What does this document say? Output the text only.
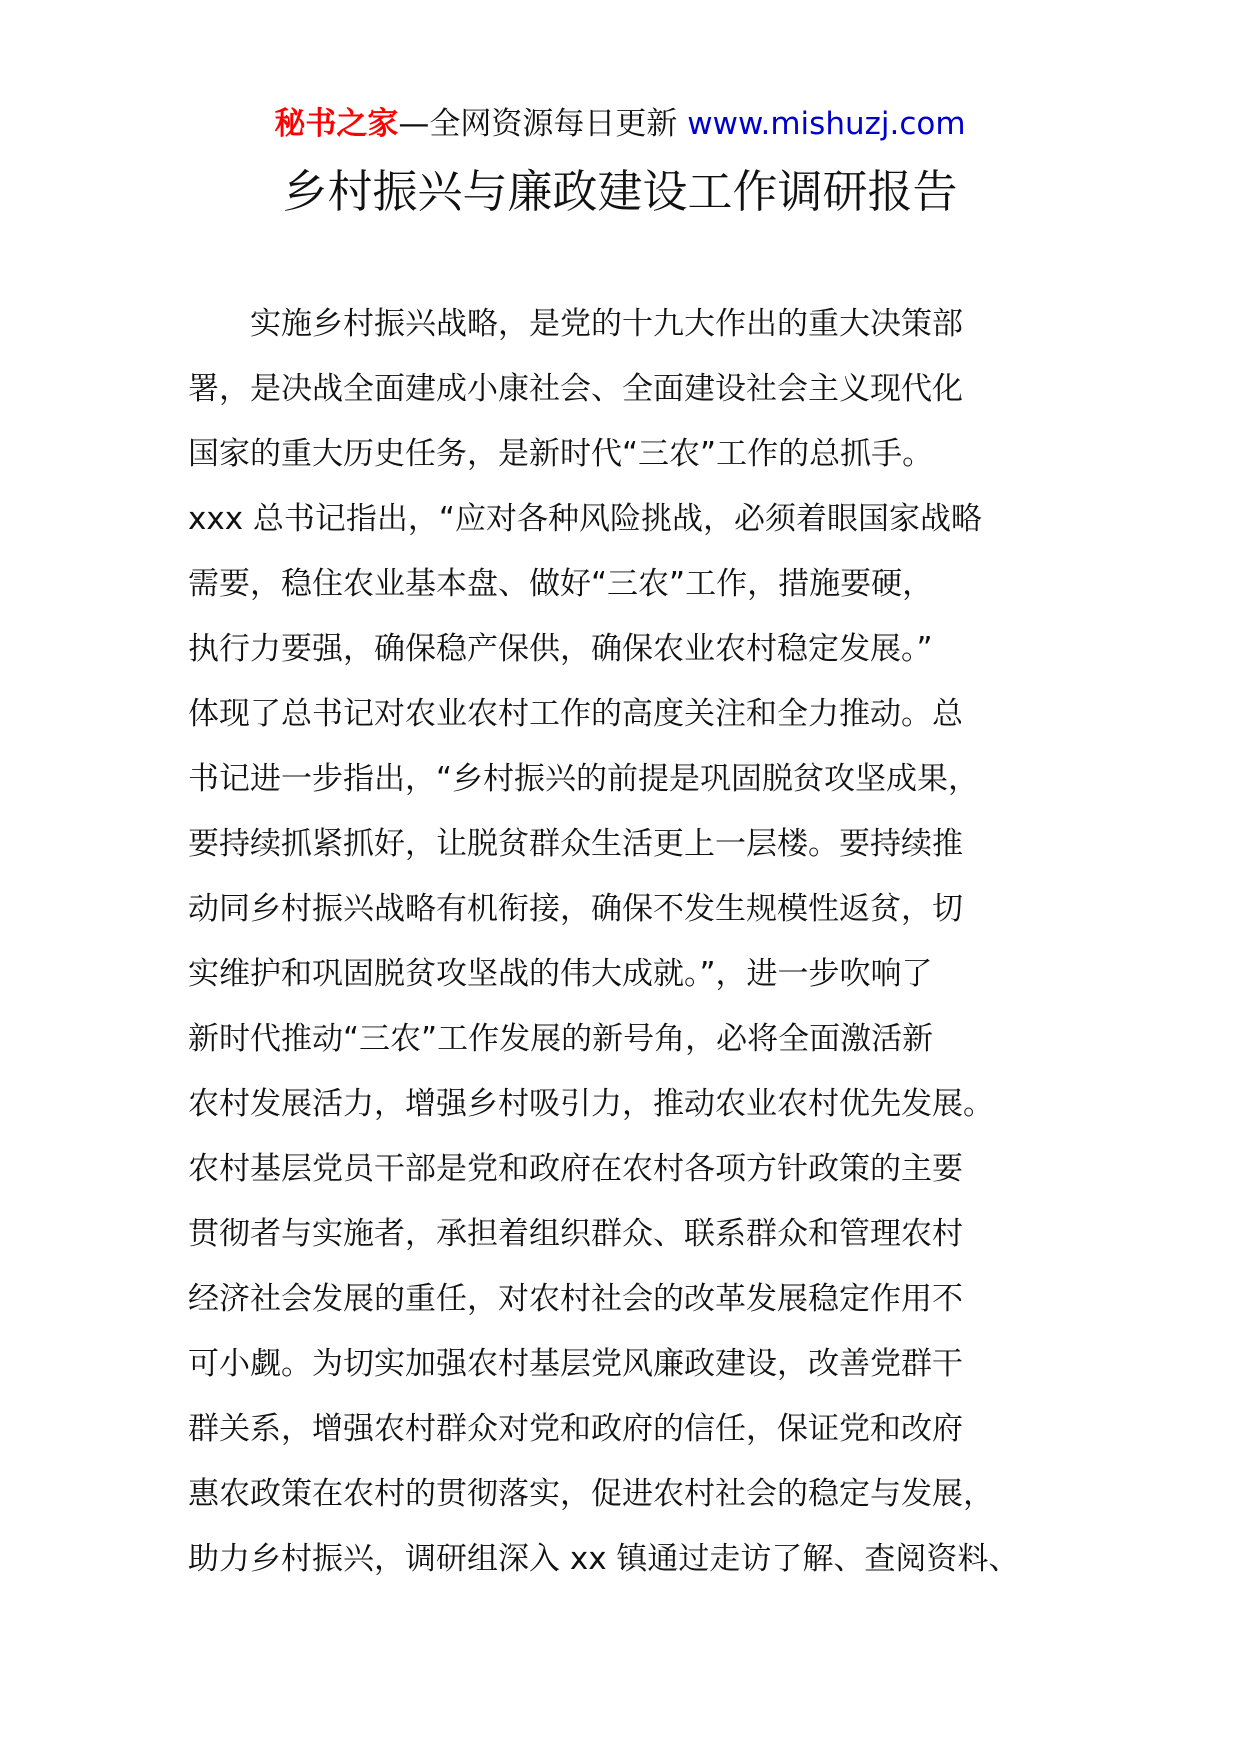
秘书之家—全网资源每日更新 www.mishuzj.com
乡村振兴与廉政建设工作调研报告
　　实施乡村振兴战略，是党的十九大作出的重大决策部
署，是决战全面建成小康社会、全面建设社会主义现代化
国家的重大历史任务，是新时代“三农”工作的总抓手。
xxx 总书记指出，“应对各种风险挑战，必须着眼国家战略
需要，稳住农业基本盘、做好“三农”工作，措施要硬，
执行力要强，确保稳产保供，确保农业农村稳定发展。”
体现了总书记对农业农村工作的高度关注和全力推动。总
书记进一步指出，“乡村振兴的前提是巩固脱贫攻坚成果，
要持续抓紧抓好，让脱贫群众生活更上一层楼。要持续推
动同乡村振兴战略有机衔接，确保不发生规模性返贫，切
实维护和巩固脱贫攻坚战的伟大成就。”，进一步吹响了
新时代推动“三农”工作发展的新号角，必将全面激活新
农村发展活力，增强乡村吸引力，推动农业农村优先发展。
农村基层党员干部是党和政府在农村各项方针政策的主要
贯彻者与实施者，承担着组织群众、联系群众和管理农村
经济社会发展的重任，对农村社会的改革发展稳定作用不
可小觑。为切实加强农村基层党风廉政建设，改善党群干
群关系，增强农村群众对党和政府的信任，保证党和改府
惠农政策在农村的贯彻落实，促进农村社会的稳定与发展，
助力乡村振兴，调研组深入 xx 镇通过走访了解、查阅资料、
